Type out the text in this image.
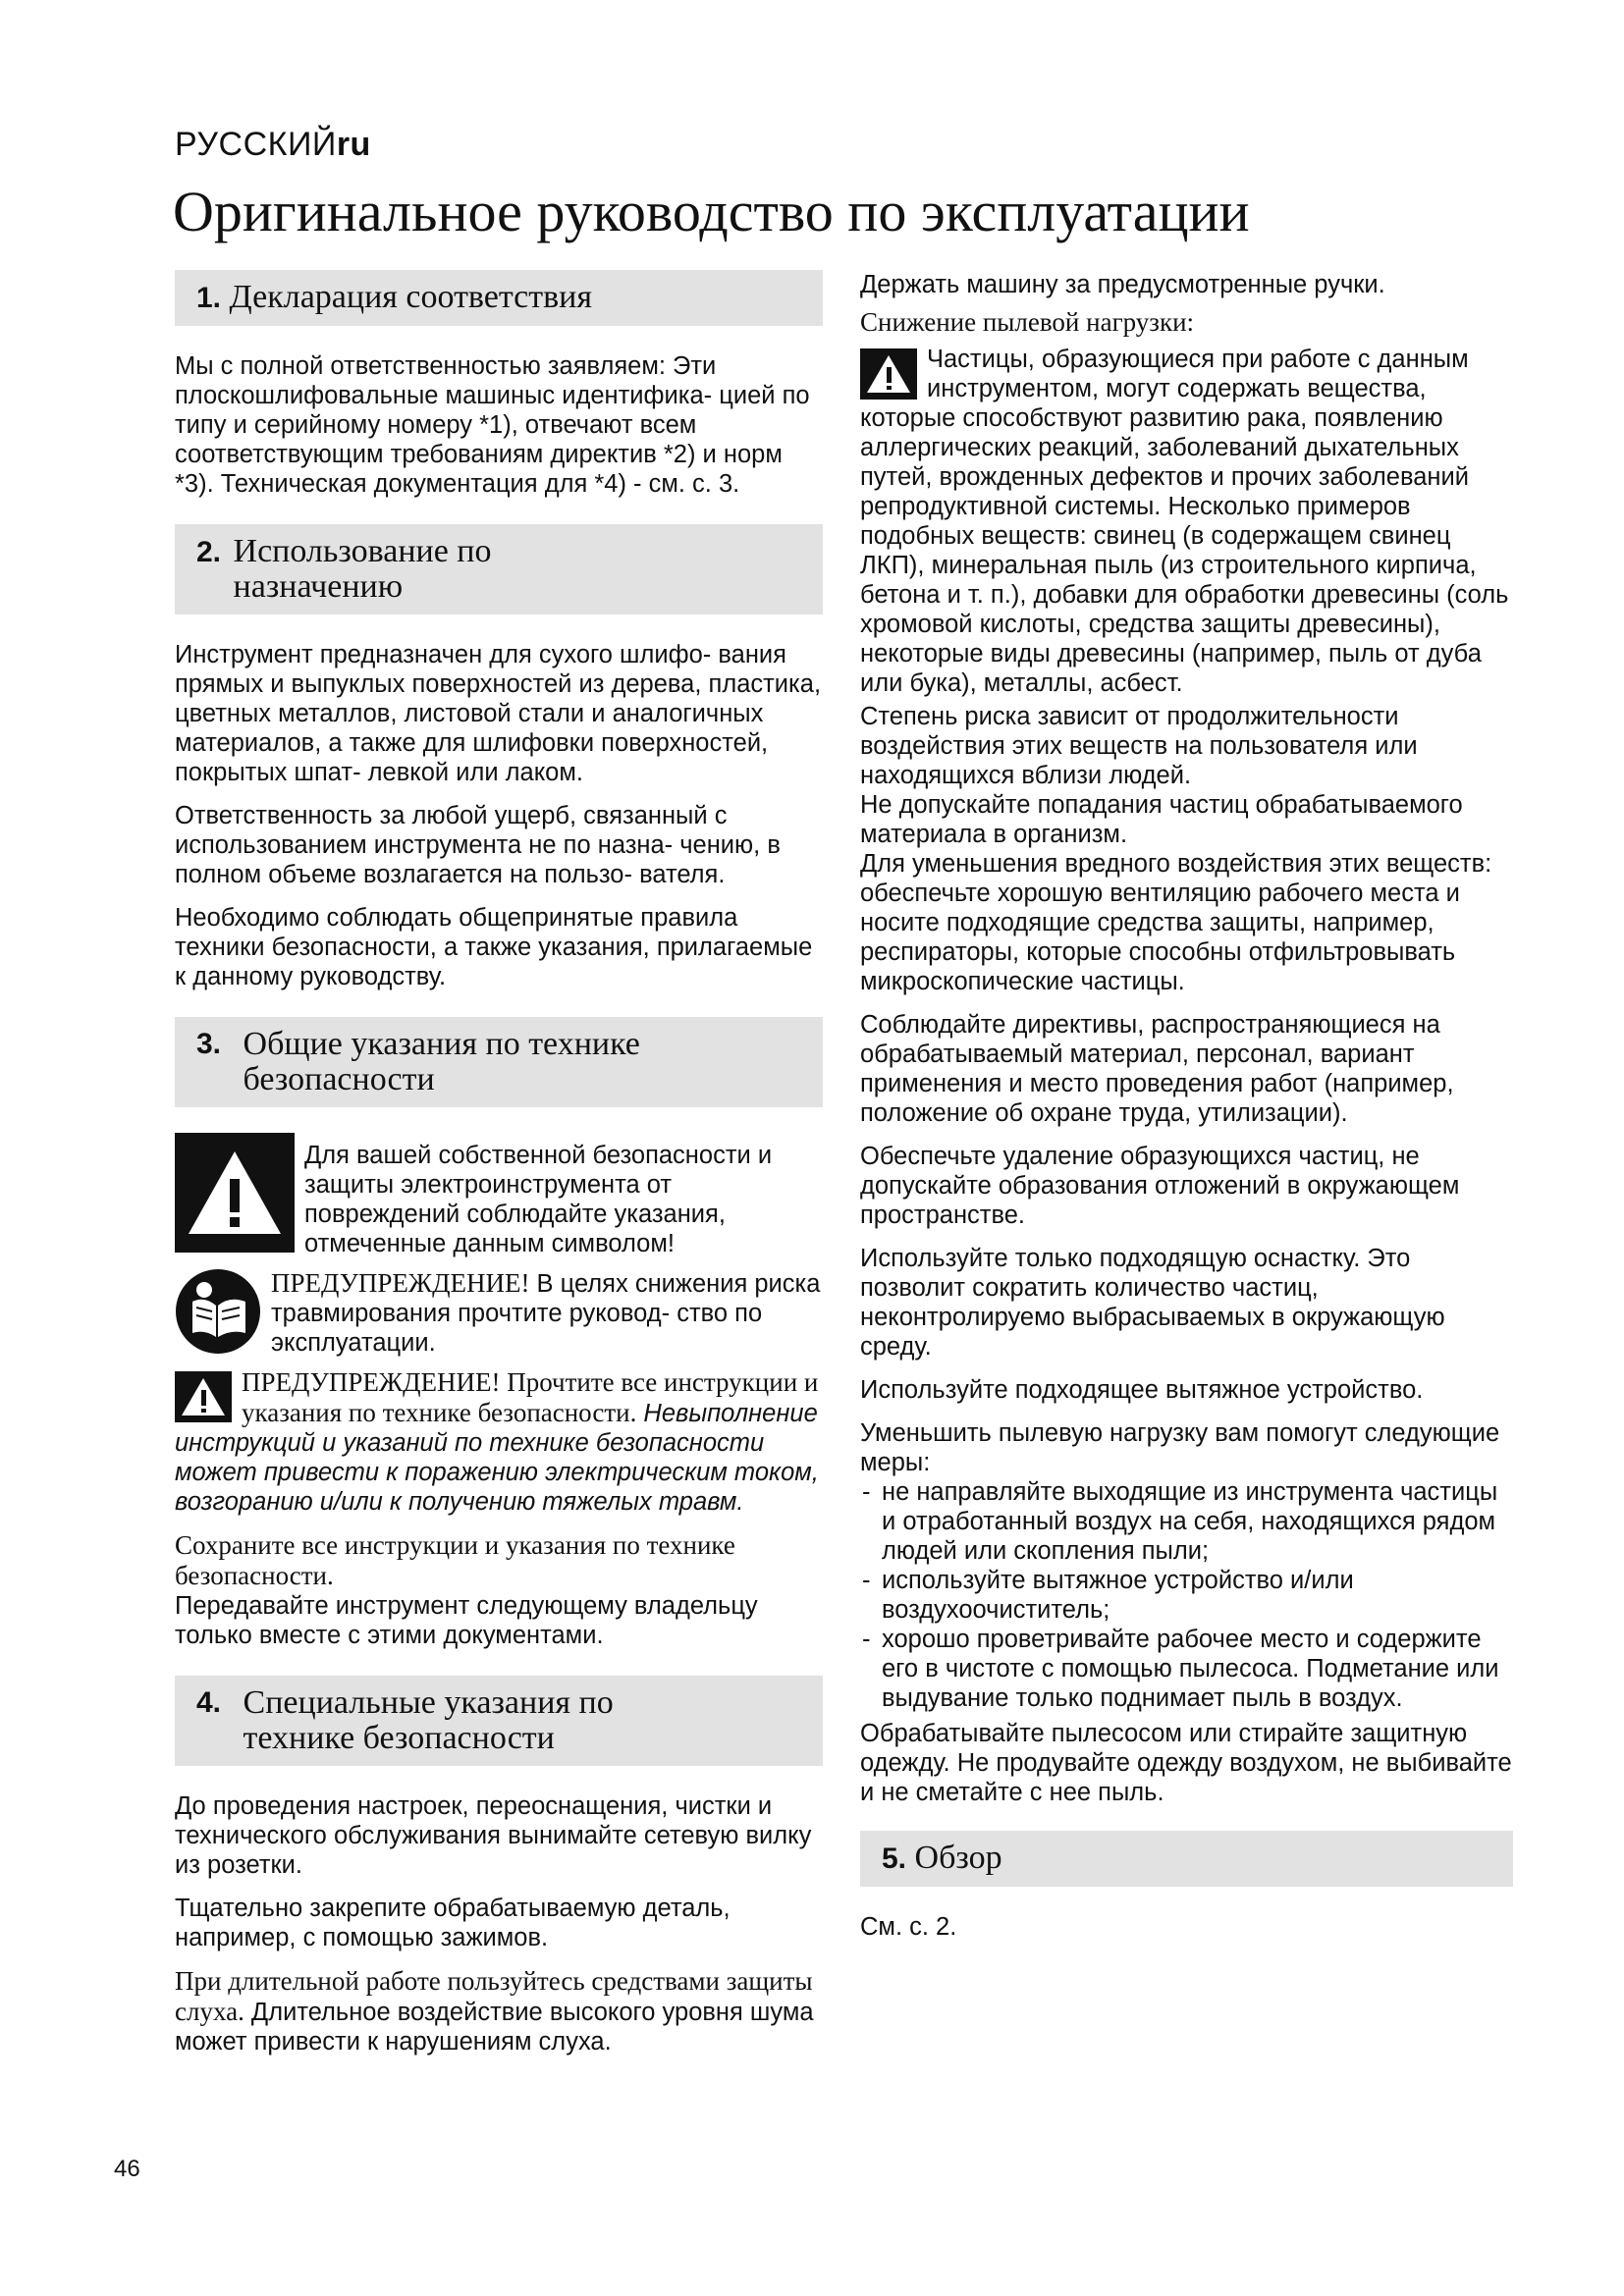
РУССКИЙru
Оригинальное руководство по эксплуатации
1. Декларация соответствия

Мы с полной ответственностью заявляем: Эти плоскошлифовальные машиныс идентифика- цией по типу и серийному номеру *1), отвечают всем соответствующим требованиям директив *2) и норм *3). Техническая документация для *4) - см. с. 3.

2. Использование по назначению

Инструмент предназначен для сухого шлифо- вания прямых и выпуклых поверхностей из дерева, пластика, цветных металлов, листовой стали и аналогичных материалов, а также для шлифовки поверхностей, покрытых шпат- левкой или лаком.

Ответственность за любой ущерб, связанный с использованием инструмента не по назна- чению, в полном объеме возлагается на пользо- вателя.

Необходимо соблюдать общепринятые правила техники безопасности, а также указания, прилагаемые к данному руководству.

3. Общие указания по технике безопасности
Для вашей собственной безопасности и защиты электроинструмента от повреждений соблюдайте указания, отмеченные данным символом!
ПРЕДУПРЕЖДЕНИЕ! В целях снижения риска травмирования прочтите руковод- ство по эксплуатации.
ПРЕДУПРЕЖДЕНИЕ! Прочтите все инструкции и указания по технике безопасности. Невыполнение инструкций и указаний по технике безопасности может привести к поражению электрическим током, возгоранию и/или к получению тяжелых травм.

Сохраните все инструкции и указания по технике безопасности.
Передавайте инструмент следующему владельцу только вместе с этими документами.

4. Специальные указания по технике безопасности

До проведения настроек, переоснащения, чистки и технического обслуживания вынимайте сетевую вилку из розетки.

Тщательно закрепите обрабатываемую деталь, например, с помощью зажимов.

При длительной работе пользуйтесь средствами защиты слуха. Длительное воздействие высокого уровня шума может привести к нарушениям слуха.

Держать машину за предусмотренные ручки.

Снижение пылевой нагрузки:
Частицы, образующиеся при работе с данным инструментом, могут содержать вещества, которые способствуют развитию рака, появлению аллергических реакций, заболеваний дыхательных путей, врожденных дефектов и прочих заболеваний репродуктивной системы. Несколько примеров подобных веществ: свинец (в содержащем свинец ЛКП), минеральная пыль (из строительного кирпича, бетона и т. п.), добавки для обработки древесины (соль хромовой кислоты, средства защиты древесины), некоторые виды древесины (например, пыль от дуба или бука), металлы, асбест.

Степень риска зависит от продолжительности воздействия этих веществ на пользователя или находящихся вблизи людей.

Не допускайте попадания частиц обрабатываемого материала в организм.

Для уменьшения вредного воздействия этих веществ: обеспечьте хорошую вентиляцию рабочего места и носите подходящие средства защиты, например, респираторы, которые способны отфильтровывать микроскопические частицы.

Соблюдайте директивы, распространяющиеся на обрабатываемый материал, персонал, вариант применения и место проведения работ (например, положение об охране труда, утилизации).

Обеспечьте удаление образующихся частиц, не допускайте образования отложений в окружающем пространстве.

Используйте только подходящую оснастку. Это позволит сократить количество частиц, неконтролируемо выбрасываемых в окружающую среду.

Используйте подходящее вытяжное устройство.

Уменьшить пылевую нагрузку вам помогут следующие меры:

- не направляйте выходящие из инструмента частицы и отработанный воздух на себя, находящихся рядом людей или скопления пыли;
- используйте вытяжное устройство и/или воздухоочиститель;
- хорошо проветривайте рабочее место и содержите его в чистоте с помощью пылесоса. Подметание или выдувание только поднимает пыль в воздух.

Обрабатывайте пылесосом или стирайте защитную одежду. Не продувайте одежду воздухом, не выбивайте и не сметайте с нее пыль.

5. Обзор

См. с. 2.

46
